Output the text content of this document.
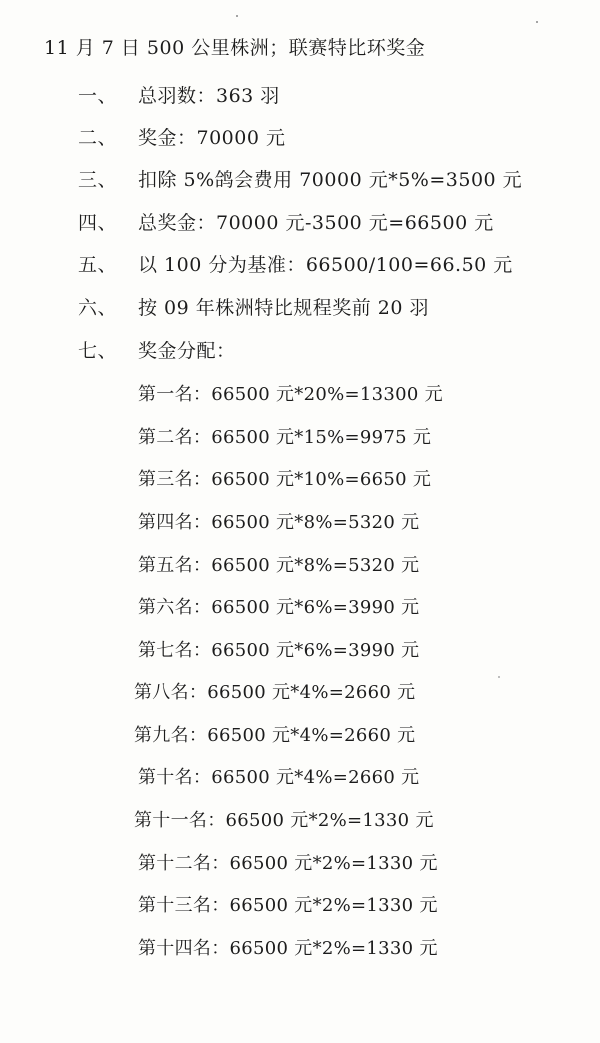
11 月 7 日 500 公里株洲；联赛特比环奖金
一、 总羽数：363 羽
二、 奖金：70000 元
三、 扣除 5%鸽会费用 70000 元*5%=3500 元
四、 总奖金：70000 元-3500 元=66500 元
五、 以 100 分为基准：66500/100=66.50 元
六、 按 09 年株洲特比规程奖前 20 羽
七、 奖金分配：
第一名：66500 元*20%=13300 元
第二名：66500 元*15%=9975 元
第三名：66500 元*10%=6650 元
第四名：66500 元*8%=5320 元
第五名：66500 元*8%=5320 元
第六名：66500 元*6%=3990 元
第七名：66500 元*6%=3990 元
第八名：66500 元*4%=2660 元
第九名：66500 元*4%=2660 元
第十名：66500 元*4%=2660 元
第十一名：66500 元*2%=1330 元
第十二名：66500 元*2%=1330 元
第十三名：66500 元*2%=1330 元
第十四名：66500 元*2%=1330 元
